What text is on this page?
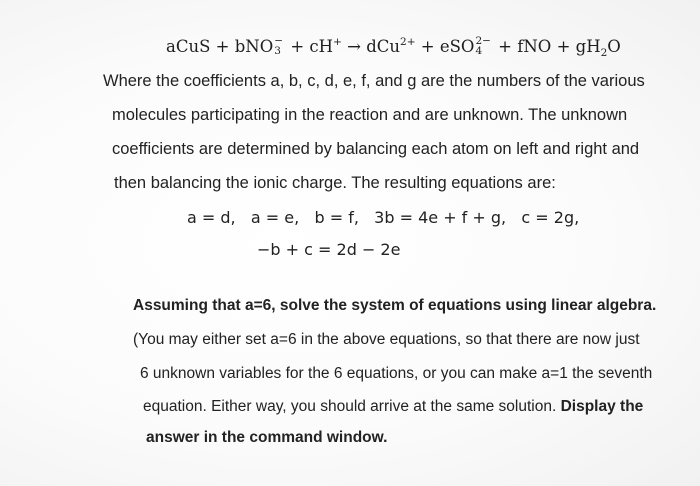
aCuS + bNO −
3 + cH+ → dCu$^{2+}$ + eSO 2−
4 + fNO + $gH_2O$
Where the coefficients a, b, c, d, e, f, and g are the numbers of the various
molecules participating in the reaction and are unknown. The unknown
coefficients are determined by balancing each atom on left and right and
then balancing the ionic charge. The resulting equations are:
a = d,   a = e,   b = f,   3b = 4e + f + g,   c = 2g,
−b + c = 2d − 2e
Assuming that a=6, solve the system of equations using linear algebra.
(You may either set a=6 in the above equations, so that there are now just
6 unknown variables for the 6 equations, or you can make a=1 the seventh
equation. Either way, you should arrive at the same solution. Display the
answer in the command window.
